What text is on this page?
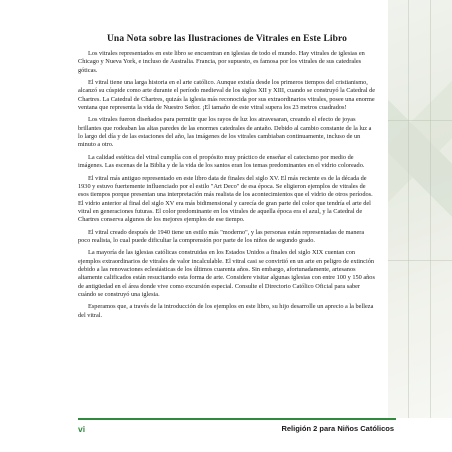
Una Nota sobre las Ilustraciones de Vitrales en Este Libro

Los vitrales representados en este libro se encuentran en iglesias de todo el mundo. Hay vitrales de iglesias en Chicago y Nueva York, e incluso de Australia. Francia, por supuesto, es famosa por los vitrales de sus catedrales góticas.

El vitral tiene una larga historia en el arte católico. Aunque existía desde los primeros tiempos del cristianismo, alcanzó su cúspide como arte durante el período medieval de los siglos XII y XIII, cuando se construyó la Catedral de Chartres. La Catedral de Chartres, quizás la iglesia más reconocida por sus extraordinarios vitrales, posee una enorme ventana que representa la vida de Nuestro Señor. ¡El tamaño de este vitral supera los 23 metros cuadrados!

Los vitrales fueron diseñados para permitir que los rayos de luz los atravesaran, creando el efecto de joyas brillantes que rodeaban las altas paredes de las enormes catedrales de antaño. Debido al cambio constante de la luz a lo largo del día y de las estaciones del año, las imágenes de los vitrales cambiaban continuamente, incluso de un minuto a otro.

La calidad estética del vitral cumplía con el propósito muy práctico de enseñar el catecismo por medio de imágenes. Las escenas de la Biblia y de la vida de los santos eran los temas predominantes en el vidrio coloreado.

El vitral más antiguo representado en este libro data de finales del siglo XV. El más reciente es de la década de 1930 y estuvo fuertemente influenciado por el estilo "Art Deco" de esa época. Se eligieron ejemplos de vitrales de esos tiempos porque presentan una interpretación más realista de los acontecimientos que el vidrio de otros períodos. El vidrio anterior al final del siglo XV era más bidimensional y carecía de gran parte del color que tendría el arte del vitral en generaciones futuras. El color predominante en los vitrales de aquella época era el azul, y la Catedral de Chartres conserva algunos de los mejores ejemplos de ese tiempo.

El vitral creado después de 1940 tiene un estilo más "moderno", y las personas están representadas de manera poco realista, lo cual puede dificultar la comprensión por parte de los niños de segundo grado.

La mayoría de las iglesias católicas construidas en los Estados Unidos a finales del siglo XIX cuentan con ejemplos extraordinarios de vitrales de valor incalculable. El vitral casi se convirtió en un arte en peligro de extinción debido a las renovaciones eclesiásticas de los últimos cuarenta años. Sin embargo, afortunadamente, artesanos altamente calificados están resucitando esta forma de arte. Considere visitar algunas iglesias con entre 100 y 150 años de antigüedad en el área donde vive como excursión especial. Consulte el Directorio Católico Oficial para saber cuándo se construyó una iglesia.

Esperamos que, a través de la introducción de los ejemplos en este libro, su hijo desarrolle un aprecio a la belleza del vitral.

vi	Religión 2 para Niños Católicos
